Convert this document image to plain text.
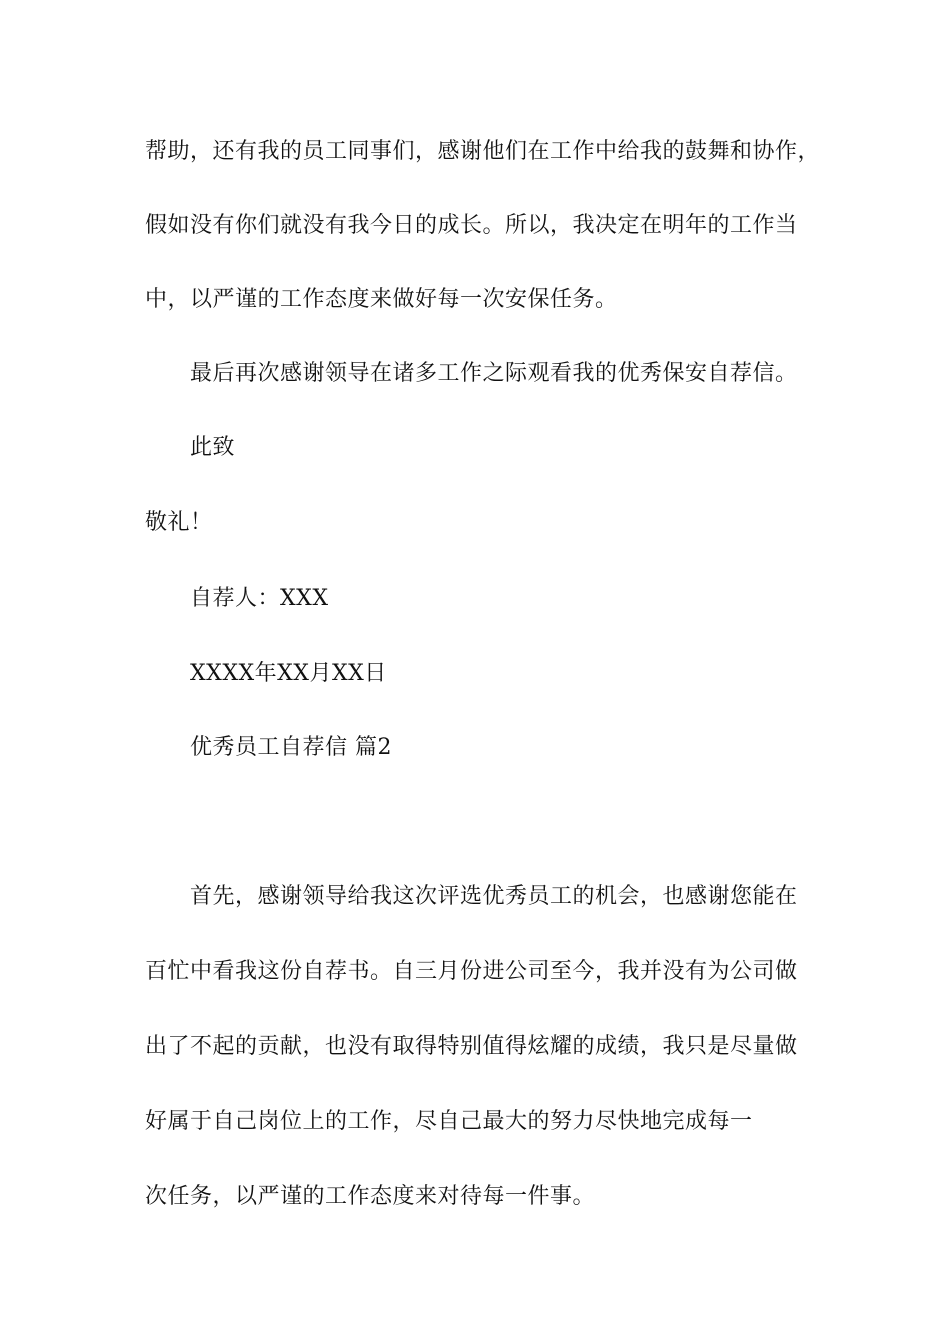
帮助，还有我的员工同事们，感谢他们在工作中给我的鼓舞和协作，
假如没有你们就没有我今日的成长。所以，我决定在明年的工作当
中，以严谨的工作态度来做好每一次安保任务。
最后再次感谢领导在诸多工作之际观看我的优秀保安自荐信。
此致
敬礼！
自荐人：XXX
XXXX年XX月XX日
优秀员工自荐信 篇2
首先，感谢领导给我这次评选优秀员工的机会，也感谢您能在
百忙中看我这份自荐书。自三月份进公司至今，我并没有为公司做
出了不起的贡献，也没有取得特别值得炫耀的成绩，我只是尽量做
好属于自己岗位上的工作，尽自己最大的努力尽快地完成每一
次任务，以严谨的工作态度来对待每一件事。
